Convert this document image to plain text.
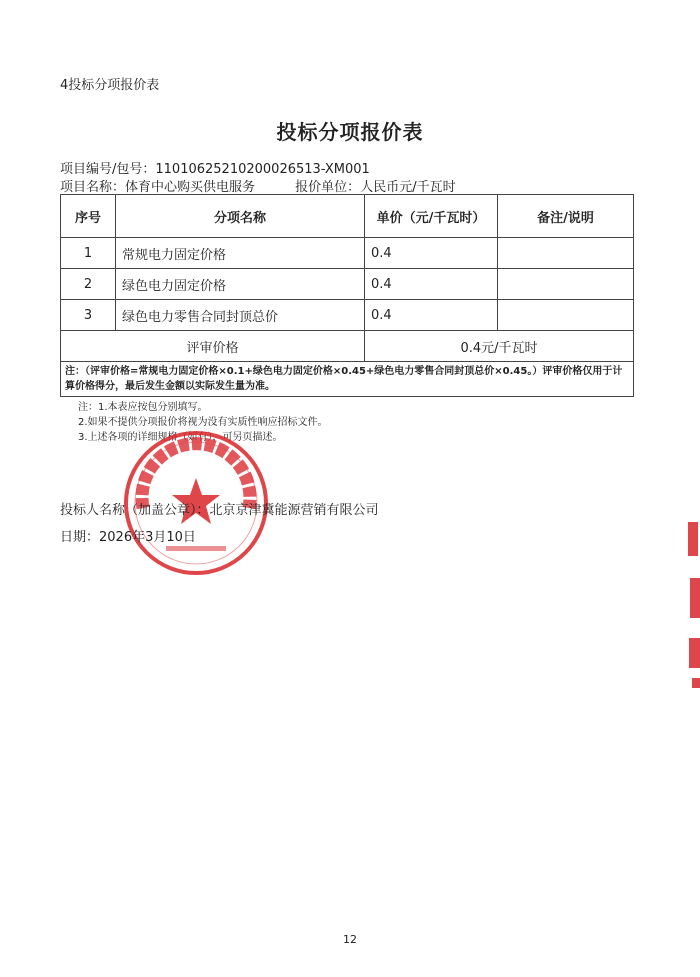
4投标分项报价表
投标分项报价表
项目编号/包号：11010625210200026513-XM001
项目名称：体育中心购买供电服务	报价单位：人民币元/千瓦时
序号	分项名称	单价（元/千瓦时）	备注/说明
1	常规电力固定价格	0.4	
2	绿色电力固定价格	0.4	
3	绿色电力零售合同封顶总价	0.4	
评审价格		0.4元/千瓦时	
注：（评审价格=常规电力固定价格×0.1+绿色电力固定价格×0.45+绿色电力零售合同封顶总价×0.45。）评审价格仅用于计算价格得分，最后发生金额以实际发生量为准。			
注：1.本表应按包分别填写。
2.如果不提供分项报价将视为没有实质性响应招标文件。
3.上述各项的详细规格（如有），可另页描述。
投标人名称（加盖公章）：北京京津冀能源营销有限公司
日期：2026年3月10日
12
